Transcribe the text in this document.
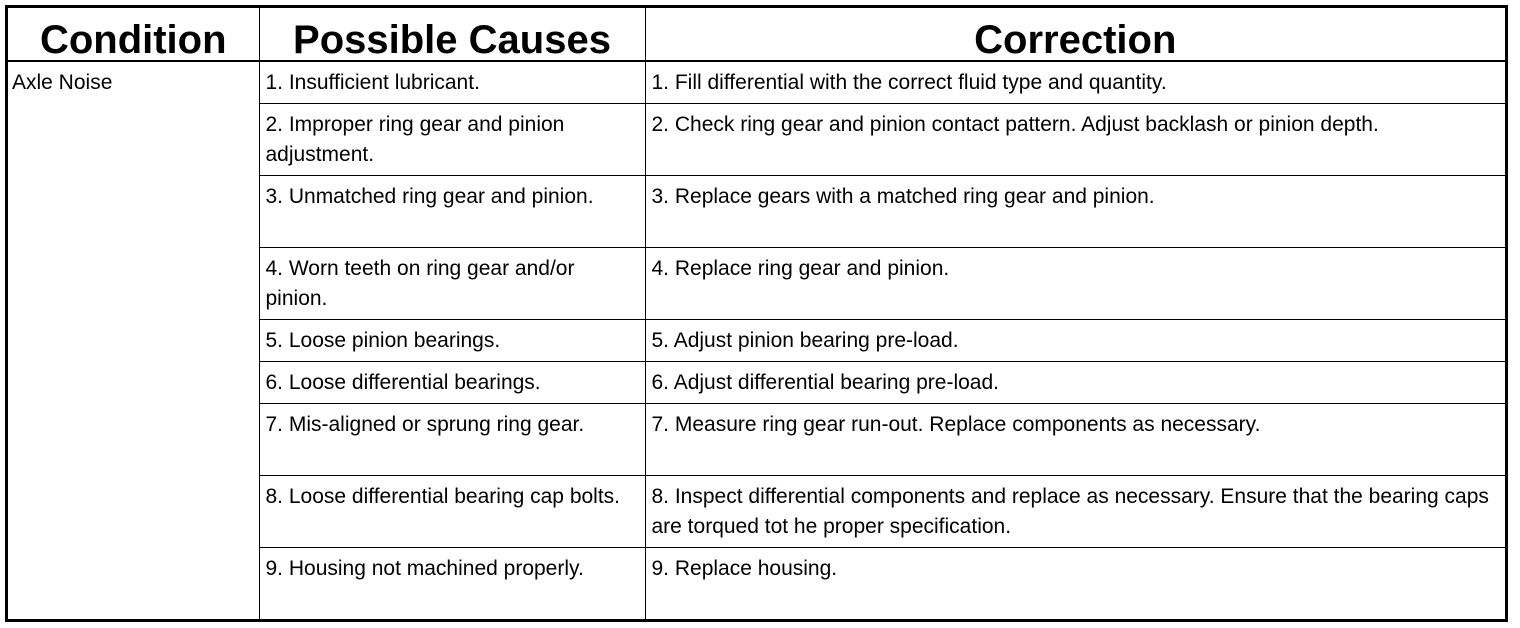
Condition	Possible Causes	Correction
Axle Noise	1. Insufficient lubricant.	1. Fill differential with the correct fluid type and quantity.
	2. Improper ring gear and pinion adjustment.	2. Check ring gear and pinion contact pattern. Adjust backlash or pinion depth.
	3. Unmatched ring gear and pinion.	3. Replace gears with a matched ring gear and pinion.
	4. Worn teeth on ring gear and/or pinion.	4. Replace ring gear and pinion.
	5. Loose pinion bearings.	5. Adjust pinion bearing pre-load.
	6. Loose differential bearings.	6. Adjust differential bearing pre-load.
	7. Mis-aligned or sprung ring gear.	7. Measure ring gear run-out. Replace components as necessary.
	8. Loose differential bearing cap bolts.	8. Inspect differential components and replace as necessary. Ensure that the bearing caps are torqued tot he proper specification.
	9. Housing not machined properly.	9. Replace housing.
